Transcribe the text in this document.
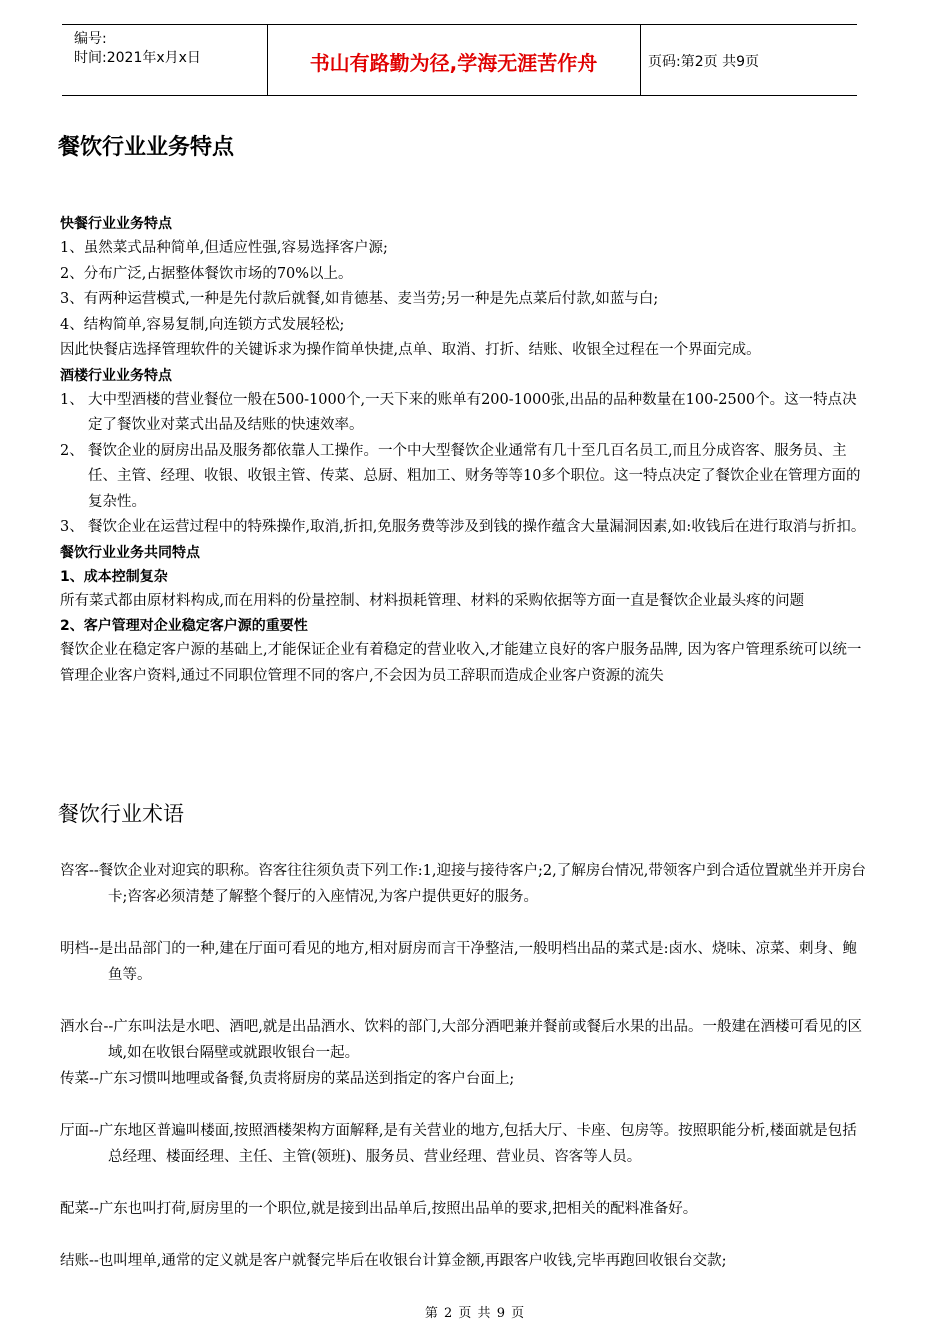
编号:
时间:2021年x月x日	书山有路勤为径,学海无涯苦作舟	页码:第2页 共9页
餐饮行业业务特点
快餐行业业务特点
1、虽然菜式品种简单,但适应性强,容易选择客户源;
2、分布广泛,占据整体餐饮市场的70%以上。
3、有两种运营模式,一种是先付款后就餐,如肯德基、麦当劳;另一种是先点菜后付款,如蓝与白;
4、结构简单,容易复制,向连锁方式发展轻松;
因此快餐店选择管理软件的关键诉求为操作简单快捷,点单、取消、打折、结账、收银全过程在一个界面完成。
酒楼行业业务特点
1、 大中型酒楼的营业餐位一般在500-1000个,一天下来的账单有200-1000张,出品的品种数量在100-2500个。这一特点决定了餐饮业对菜式出品及结账的快速效率。
2、 餐饮企业的厨房出品及服务都依靠人工操作。一个中大型餐饮企业通常有几十至几百名员工,而且分成咨客、服务员、主任、主管、经理、收银、收银主管、传菜、总厨、粗加工、财务等等10多个职位。这一特点决定了餐饮企业在管理方面的复杂性。
3、 餐饮企业在运营过程中的特殊操作,取消,折扣,免服务费等涉及到钱的操作蕴含大量漏洞因素,如:收钱后在进行取消与折扣。
餐饮行业业务共同特点
1、成本控制复杂
所有菜式都由原材料构成,而在用料的份量控制、材料损耗管理、材料的采购依据等方面一直是餐饮企业最头疼的问题
2、客户管理对企业稳定客户源的重要性
餐饮企业在稳定客户源的基础上,才能保证企业有着稳定的营业收入,才能建立良好的客户服务品牌, 因为客户管理系统可以统一管理企业客户资料,通过不同职位管理不同的客户,不会因为员工辞职而造成企业客户资源的流失
餐饮行业术语
咨客--餐饮企业对迎宾的职称。咨客往往须负责下列工作:1,迎接与接待客户;2,了解房台情况,带领客户到合适位置就坐并开房台卡;咨客必须清楚了解整个餐厅的入座情况,为客户提供更好的服务。
明档--是出品部门的一种,建在厅面可看见的地方,相对厨房而言干净整洁,一般明档出品的菜式是:卤水、烧味、凉菜、刺身、鲍鱼等。
酒水台--广东叫法是水吧、酒吧,就是出品酒水、饮料的部门,大部分酒吧兼并餐前或餐后水果的出品。一般建在酒楼可看见的区域,如在收银台隔壁或就跟收银台一起。
传菜--广东习惯叫地哩或备餐,负责将厨房的菜品送到指定的客户台面上;
厅面--广东地区普遍叫楼面,按照酒楼架构方面解释,是有关营业的地方,包括大厅、卡座、包房等。按照职能分析,楼面就是包括总经理、楼面经理、主任、主管(领班)、服务员、营业经理、营业员、咨客等人员。
配菜--广东也叫打荷,厨房里的一个职位,就是接到出品单后,按照出品单的要求,把相关的配料准备好。
结账--也叫埋单,通常的定义就是客户就餐完毕后在收银台计算金额,再跟客户收钱,完毕再跑回收银台交款;
第 2 页 共 9 页
